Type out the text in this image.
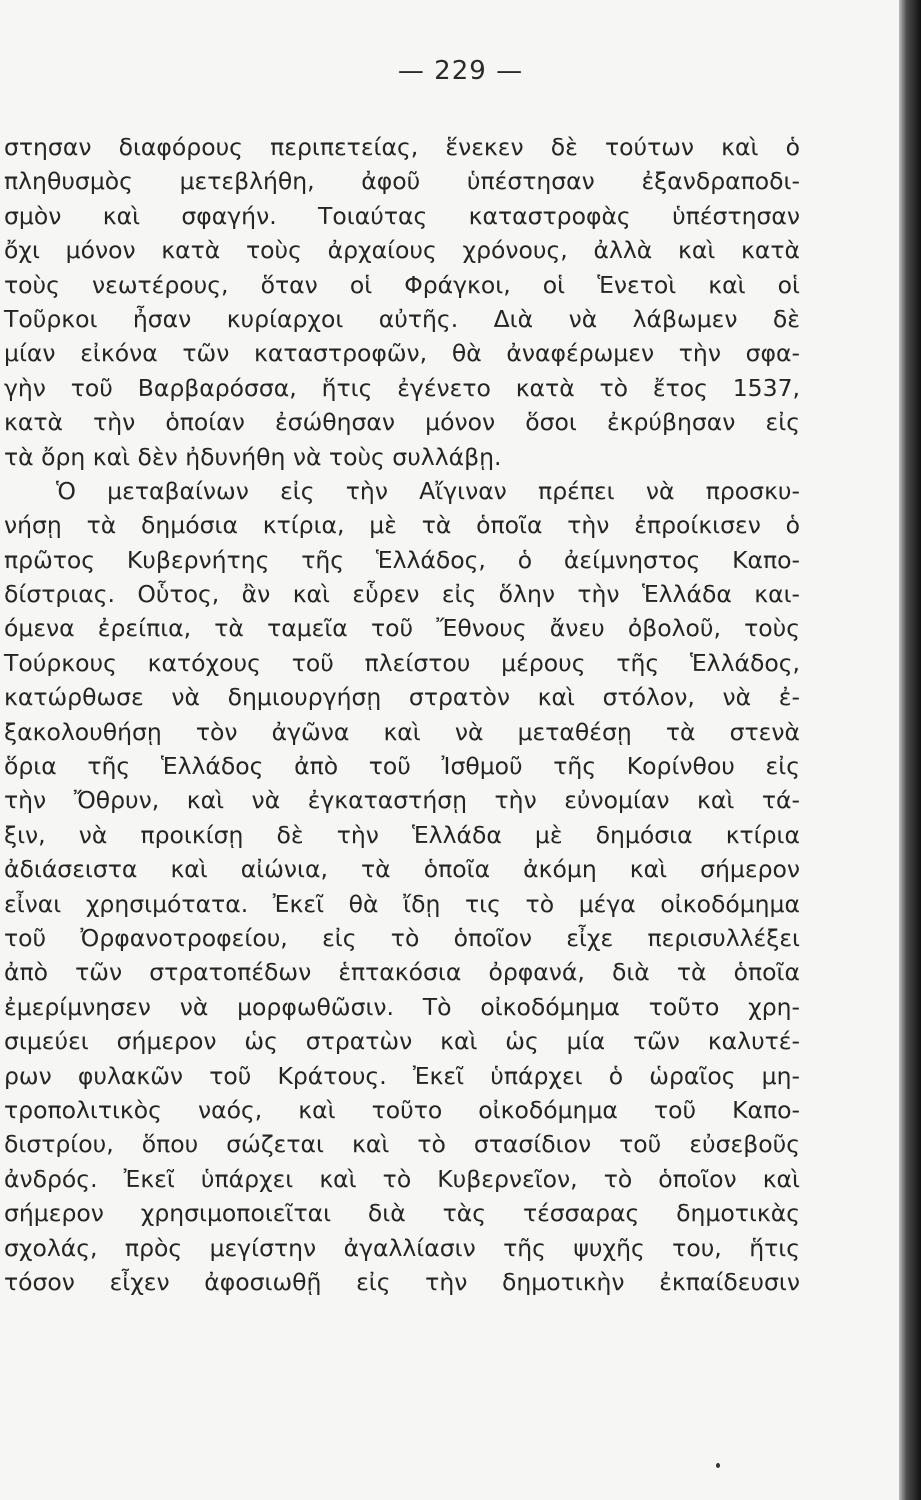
— 229 —
στησαν διαφόρους περιπετείας, ἕνεκεν δὲ τούτων καὶ ὁ
πληθυσμὸς μετεβλήθη, ἀφοῦ ὑπέστησαν ἐξανδραποδι-
σμὸν καὶ σφαγήν. Τοιαύτας καταστροφὰς ὑπέστησαν
ὄχι μόνον κατὰ τοὺς ἀρχαίους χρόνους, ἀλλὰ καὶ κατὰ
τοὺς νεωτέρους, ὅταν οἱ Φράγκοι, οἱ Ἑνετοὶ καὶ οἱ
Τοῦρκοι ἦσαν κυρίαρχοι αὐτῆς. Διὰ νὰ λάβωμεν δὲ
μίαν εἰκόνα τῶν καταστροφῶν, θὰ ἀναφέρωμεν τὴν σφα-
γὴν τοῦ Βαρβαρόσσα, ἥτις ἐγένετο κατὰ τὸ ἔτος 1537,
κατὰ τὴν ὁποίαν ἐσώθησαν μόνον ὅσοι ἐκρύβησαν εἰς
τὰ ὄρη καὶ δὲν ἠδυνήθη νὰ τοὺς συλλάβῃ.
Ὁ μεταβαίνων εἰς τὴν Αἴγιναν πρέπει νὰ προσκυ-
νήσῃ τὰ δημόσια κτίρια, μὲ τὰ ὁποῖα τὴν ἐπροίκισεν ὁ
πρῶτος Κυβερνήτης τῆς Ἑλλάδος, ὁ ἀείμνηστος Καπο-
δίστριας. Οὗτος, ἂν καὶ εὗρεν εἰς ὅλην τὴν Ἑλλάδα και-
όμενα ἐρείπια, τὰ ταμεῖα τοῦ Ἔθνους ἄνευ ὀβολοῦ, τοὺς
Τούρκους κατόχους τοῦ πλείστου μέρους τῆς Ἑλλάδος,
κατώρθωσε νὰ δημιουργήσῃ στρατὸν καὶ στόλον, νὰ ἐ-
ξακολουθήσῃ τὸν ἀγῶνα καὶ νὰ μεταθέσῃ τὰ στενὰ
ὅρια τῆς Ἑλλάδος ἀπὸ τοῦ Ἰσθμοῦ τῆς Κορίνθου εἰς
τὴν Ὄθρυν, καὶ νὰ ἐγκαταστήσῃ τὴν εὐνομίαν καὶ τά-
ξιν, νὰ προικίσῃ δὲ τὴν Ἑλλάδα μὲ δημόσια κτίρια
ἀδιάσειστα καὶ αἰώνια, τὰ ὁποῖα ἀκόμη καὶ σήμερον
εἶναι χρησιμότατα. Ἐκεῖ θὰ ἴδῃ τις τὸ μέγα οἰκοδόμημα
τοῦ Ὀρφανοτροφείου, εἰς τὸ ὁποῖον εἶχε περισυλλέξει
ἀπὸ τῶν στρατοπέδων ἑπτακόσια ὀρφανά, διὰ τὰ ὁποῖα
ἐμερίμνησεν νὰ μορφωθῶσιν. Τὸ οἰκοδόμημα τοῦτο χρη-
σιμεύει σήμερον ὡς στρατὼν καὶ ὡς μία τῶν καλυτέ-
ρων φυλακῶν τοῦ Κράτους. Ἐκεῖ ὑπάρχει ὁ ὡραῖος μη-
τροπολιτικὸς ναός, καὶ τοῦτο οἰκοδόμημα τοῦ Καπο-
διστρίου, ὅπου σώζεται καὶ τὸ στασίδιον τοῦ εὐσεβοῦς
ἀνδρός. Ἐκεῖ ὑπάρχει καὶ τὸ Κυβερνεῖον, τὸ ὁποῖον καὶ
σήμερον χρησιμοποιεῖται διὰ τὰς τέσσαρας δημοτικὰς
σχολάς, πρὸς μεγίστην ἀγαλλίασιν τῆς ψυχῆς του, ἥτις
τόσον εἶχεν ἀφοσιωθῇ εἰς τὴν δημοτικὴν ἐκπαίδευσιν
